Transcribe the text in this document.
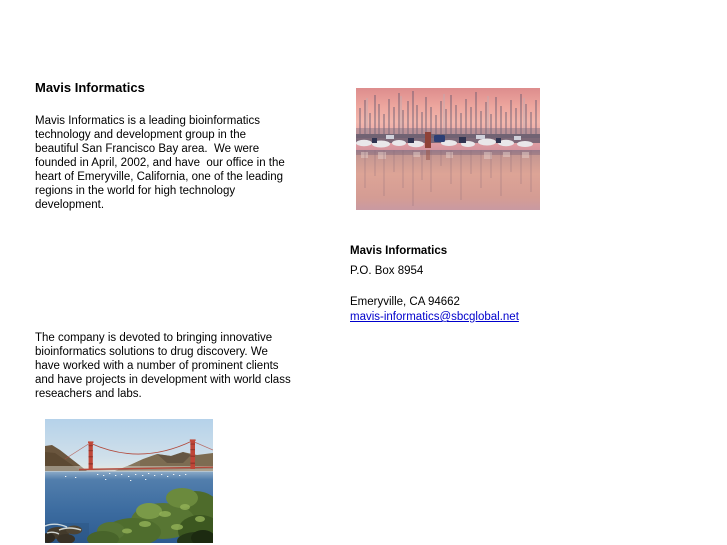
Mavis Informatics
Mavis Informatics is a leading bioinformatics
technology and development group in the
beautiful San Francisco Bay area.  We were
founded in April, 2002, and have  our office in the
heart of Emeryville, California, one of the leading
regions in the world for high technology
development.
Mavis Informatics
P.O. Box 8954
Emeryville, CA 94662
mavis-informatics@sbcglobal.net
The company is devoted to bringing innovative
bioinformatics solutions to drug discovery. We
have worked with a number of prominent clients
and have projects in development with world class
reseachers and labs.
